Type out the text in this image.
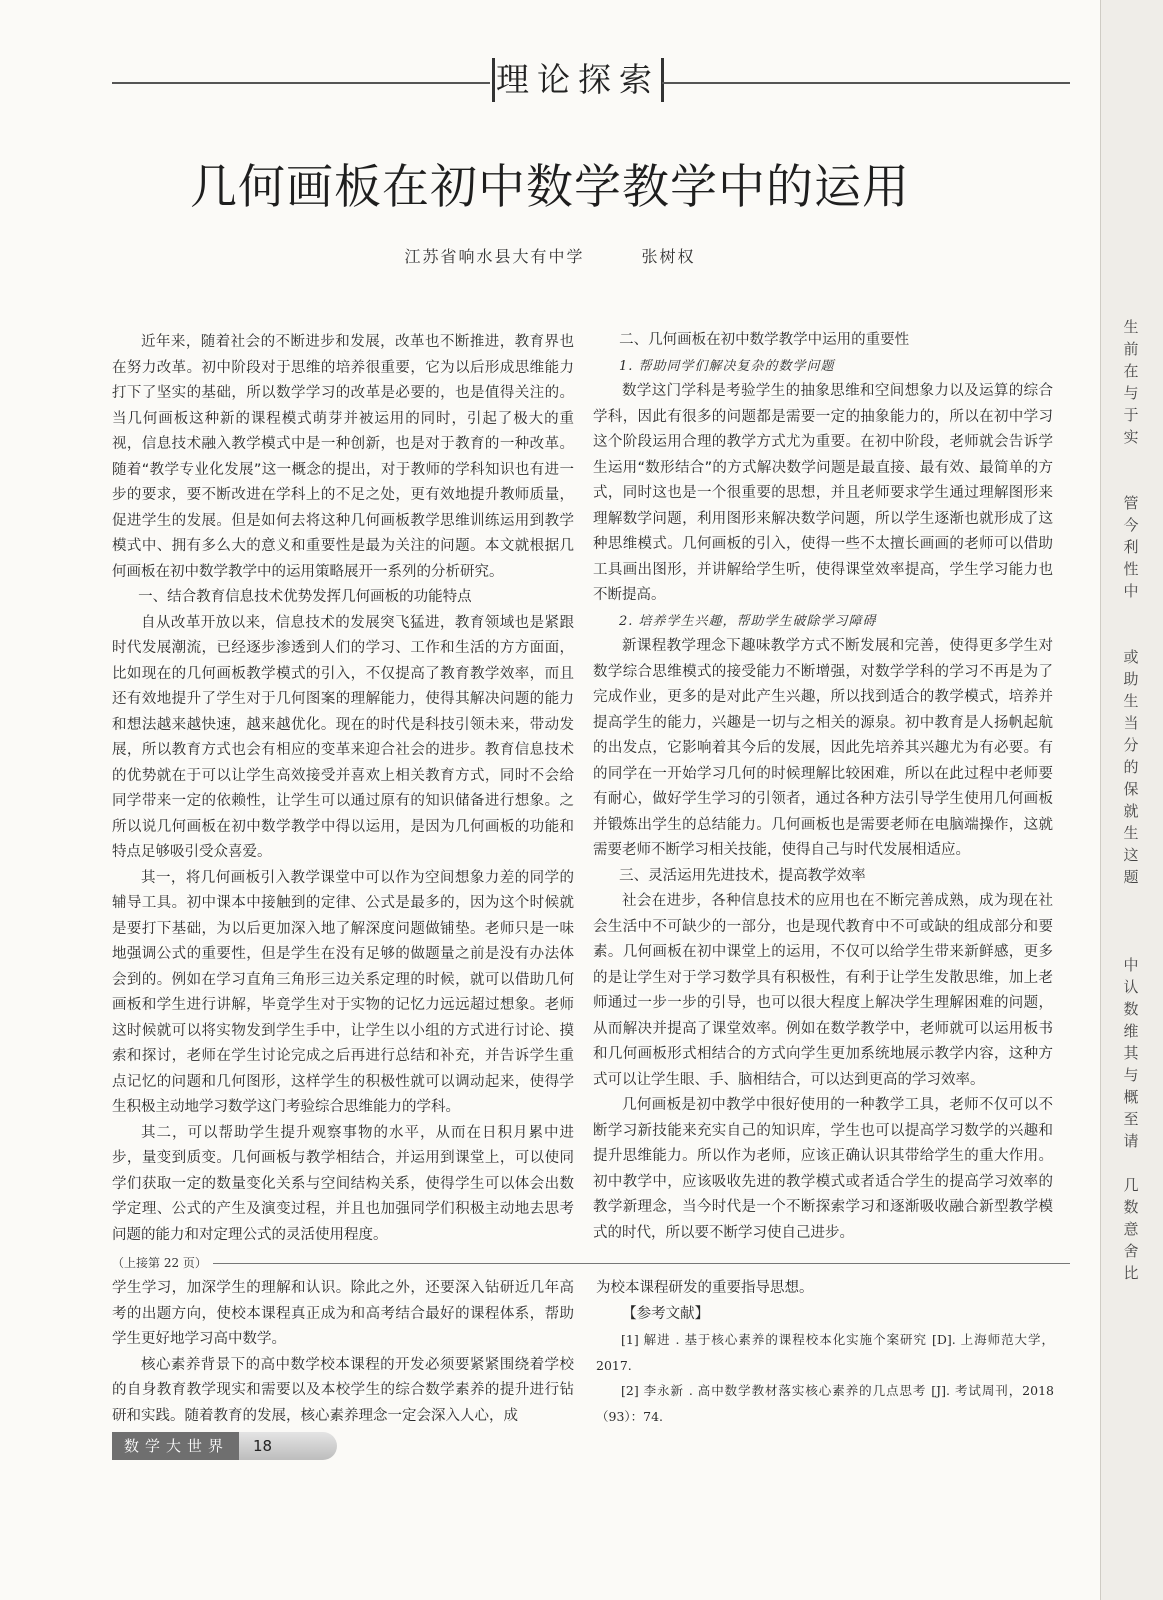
理论探索
几何画板在初中数学教学中的运用
江苏省响水县大有中学	张树权

近年来，随着社会的不断进步和发展，改革也不断推进，教育界也在努力改革。初中阶段对于思维的培养很重要，它为以后形成思维能力打下了坚实的基础，所以数学学习的改革是必要的，也是值得关注的。当几何画板这种新的课程模式萌芽并被运用的同时，引起了极大的重视，信息技术融入教学模式中是一种创新，也是对于教育的一种改革。随着“教学专业化发展”这一概念的提出，对于教师的学科知识也有进一步的要求，要不断改进在学科上的不足之处，更有效地提升教师质量，促进学生的发展。但是如何去将这种几何画板教学思维训练运用到教学模式中、拥有多么大的意义和重要性是最为关注的问题。本文就根据几何画板在初中数学教学中的运用策略展开一系列的分析研究。

一、结合教育信息技术优势发挥几何画板的功能特点

自从改革开放以来，信息技术的发展突飞猛进，教育领域也是紧跟时代发展潮流，已经逐步渗透到人们的学习、工作和生活的方方面面，比如现在的几何画板教学模式的引入，不仅提高了教育教学效率，而且还有效地提升了学生对于几何图案的理解能力，使得其解决问题的能力和想法越来越快速，越来越优化。现在的时代是科技引领未来，带动发展，所以教育方式也会有相应的变革来迎合社会的进步。教育信息技术的优势就在于可以让学生高效接受并喜欢上相关教育方式，同时不会给同学带来一定的依赖性，让学生可以通过原有的知识储备进行想象。之所以说几何画板在初中数学教学中得以运用，是因为几何画板的功能和特点足够吸引受众喜爱。

其一，将几何画板引入教学课堂中可以作为空间想象力差的同学的辅导工具。初中课本中接触到的定律、公式是最多的，因为这个时候就是要打下基础，为以后更加深入地了解深度问题做铺垫。老师只是一味地强调公式的重要性，但是学生在没有足够的做题量之前是没有办法体会到的。例如在学习直角三角形三边关系定理的时候，就可以借助几何画板和学生进行讲解，毕竟学生对于实物的记忆力远远超过想象。老师这时候就可以将实物发到学生手中，让学生以小组的方式进行讨论、摸索和探讨，老师在学生讨论完成之后再进行总结和补充，并告诉学生重点记忆的问题和几何图形，这样学生的积极性就可以调动起来，使得学生积极主动地学习数学这门考验综合思维能力的学科。

其二，可以帮助学生提升观察事物的水平，从而在日积月累中进步，量变到质变。几何画板与教学相结合，并运用到课堂上，可以使同学们获取一定的数量变化关系与空间结构关系，使得学生可以体会出数学定理、公式的产生及演变过程，并且也加强同学们积极主动地去思考问题的能力和对定理公式的灵活使用程度。

二、几何画板在初中数学教学中运用的重要性
1. 帮助同学们解决复杂的数学问题

数学这门学科是考验学生的抽象思维和空间想象力以及运算的综合学科，因此有很多的问题都是需要一定的抽象能力的，所以在初中学习这个阶段运用合理的教学方式尤为重要。在初中阶段，老师就会告诉学生运用“数形结合”的方式解决数学问题是最直接、最有效、最简单的方式，同时这也是一个很重要的思想，并且老师要求学生通过理解图形来理解数学问题，利用图形来解决数学问题，所以学生逐渐也就形成了这种思维模式。几何画板的引入，使得一些不太擅长画画的老师可以借助工具画出图形，并讲解给学生听，使得课堂效率提高，学生学习能力也不断提高。

2. 培养学生兴趣，帮助学生破除学习障碍

新课程教学理念下趣味教学方式不断发展和完善，使得更多学生对数学综合思维模式的接受能力不断增强，对数学学科的学习不再是为了完成作业，更多的是对此产生兴趣，所以找到适合的教学模式，培养并提高学生的能力，兴趣是一切与之相关的源泉。初中教育是人扬帆起航的出发点，它影响着其今后的发展，因此先培养其兴趣尤为有必要。有的同学在一开始学习几何的时候理解比较困难，所以在此过程中老师要有耐心，做好学生学习的引领者，通过各种方法引导学生使用几何画板并锻炼出学生的总结能力。几何画板也是需要老师在电脑端操作，这就需要老师不断学习相关技能，使得自己与时代发展相适应。

三、灵活运用先进技术，提高教学效率

社会在进步，各种信息技术的应用也在不断完善成熟，成为现在社会生活中不可缺少的一部分，也是现代教育中不可或缺的组成部分和要素。几何画板在初中课堂上的运用，不仅可以给学生带来新鲜感，更多的是让学生对于学习数学具有积极性，有利于让学生发散思维，加上老师通过一步一步的引导，也可以很大程度上解决学生理解困难的问题，从而解决并提高了课堂效率。例如在数学教学中，老师就可以运用板书和几何画板形式相结合的方式向学生更加系统地展示教学内容，这种方式可以让学生眼、手、脑相结合，可以达到更高的学习效率。

几何画板是初中教学中很好使用的一种教学工具，老师不仅可以不断学习新技能来充实自己的知识库，学生也可以提高学习数学的兴趣和提升思维能力。所以作为老师，应该正确认识其带给学生的重大作用。初中教学中，应该吸收先进的教学模式或者适合学生的提高学习效率的教学新理念，当今时代是一个不断探索学习和逐渐吸收融合新型教学模式的时代，所以要不断学习使自己进步。

（上接第 22 页）

学生学习，加深学生的理解和认识。除此之外，还要深入钻研近几年高考的出题方向，使校本课程真正成为和高考结合最好的课程体系，帮助学生更好地学习高中数学。

核心素养背景下的高中数学校本课程的开发必须要紧紧围绕着学校的自身教育教学现实和需要以及本校学生的综合数学素养的提升进行钻研和实践。随着教育的发展，核心素养理念一定会深入人心，成

为校本课程研发的重要指导思想。

【参考文献】

[1] 解进 . 基于核心素养的课程校本化实施个案研究 [D]. 上海师范大学，2017.

[2] 李永新 . 高中数学教材落实核心素养的几点思考 [J]. 考试周刊，2018（93）：74.

数学大世界	18
生
前
在
与
于
实
管
今
利
性
中
或
助
生
当
分
的
保
就
生
这
题
中
认
数
维
其
与
概
至
请
几
数
意
舍
比
